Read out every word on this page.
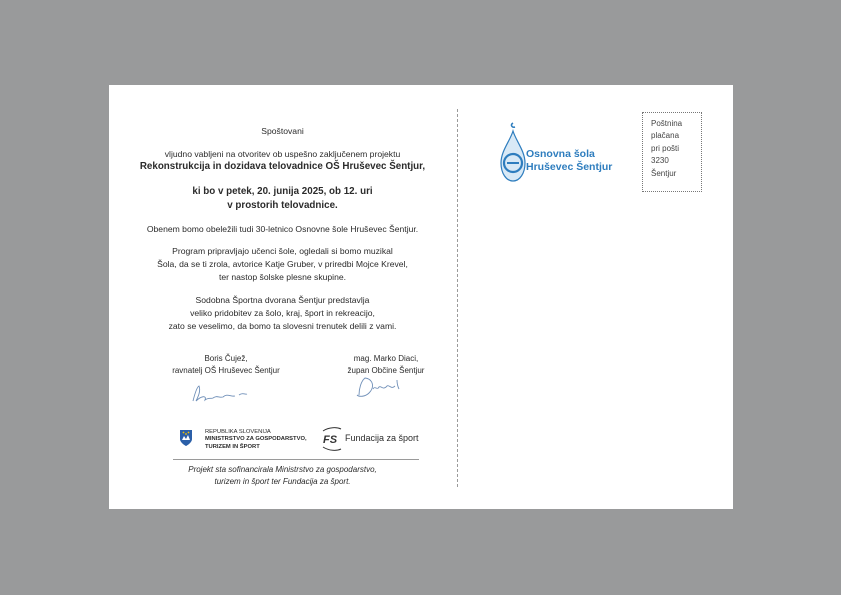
Spoštovani
vljudno vabljeni na otvoritev ob uspešno zaključenem projektu
Rekonstrukcija in dozidava telovadnice OŠ Hruševec Šentjur,
ki bo v petek, 20. junija 2025, ob 12. uri
v prostorih telovadnice.
Obenem bomo obeležili tudi 30-letnico Osnovne šole Hruševec Šentjur.
Program pripravljajo učenci šole, ogledali si bomo muzikal
Šola, da se ti zrola, avtorice Katje Gruber, v priredbi Mojce Krevel,
ter nastop šolske plesne skupine.
Sodobna Športna dvorana Šentjur predstavlja
veliko pridobitev za šolo, kraj, šport in rekreacijo,
zato se veselimo, da bomo ta slovesni trenutek delili z vami.
Boris Čujež,
ravnatelj OŠ Hruševec Šentjur
mag. Marko Diaci,
župan Občine Šentjur
REPUBLIKA SLOVENIJA
MINISTRSTVO ZA GOSPODARSTVO,
TURIZEM IN ŠPORT
FS Fundacija za šport
Projekt sta sofinancirala Ministrstvo za gospodarstvo,
turizem in šport ter Fundacija za šport.
Osnovna šola
Hruševec Šentjur
Poštnina
plačana
pri pošti
3230
Šentjur
